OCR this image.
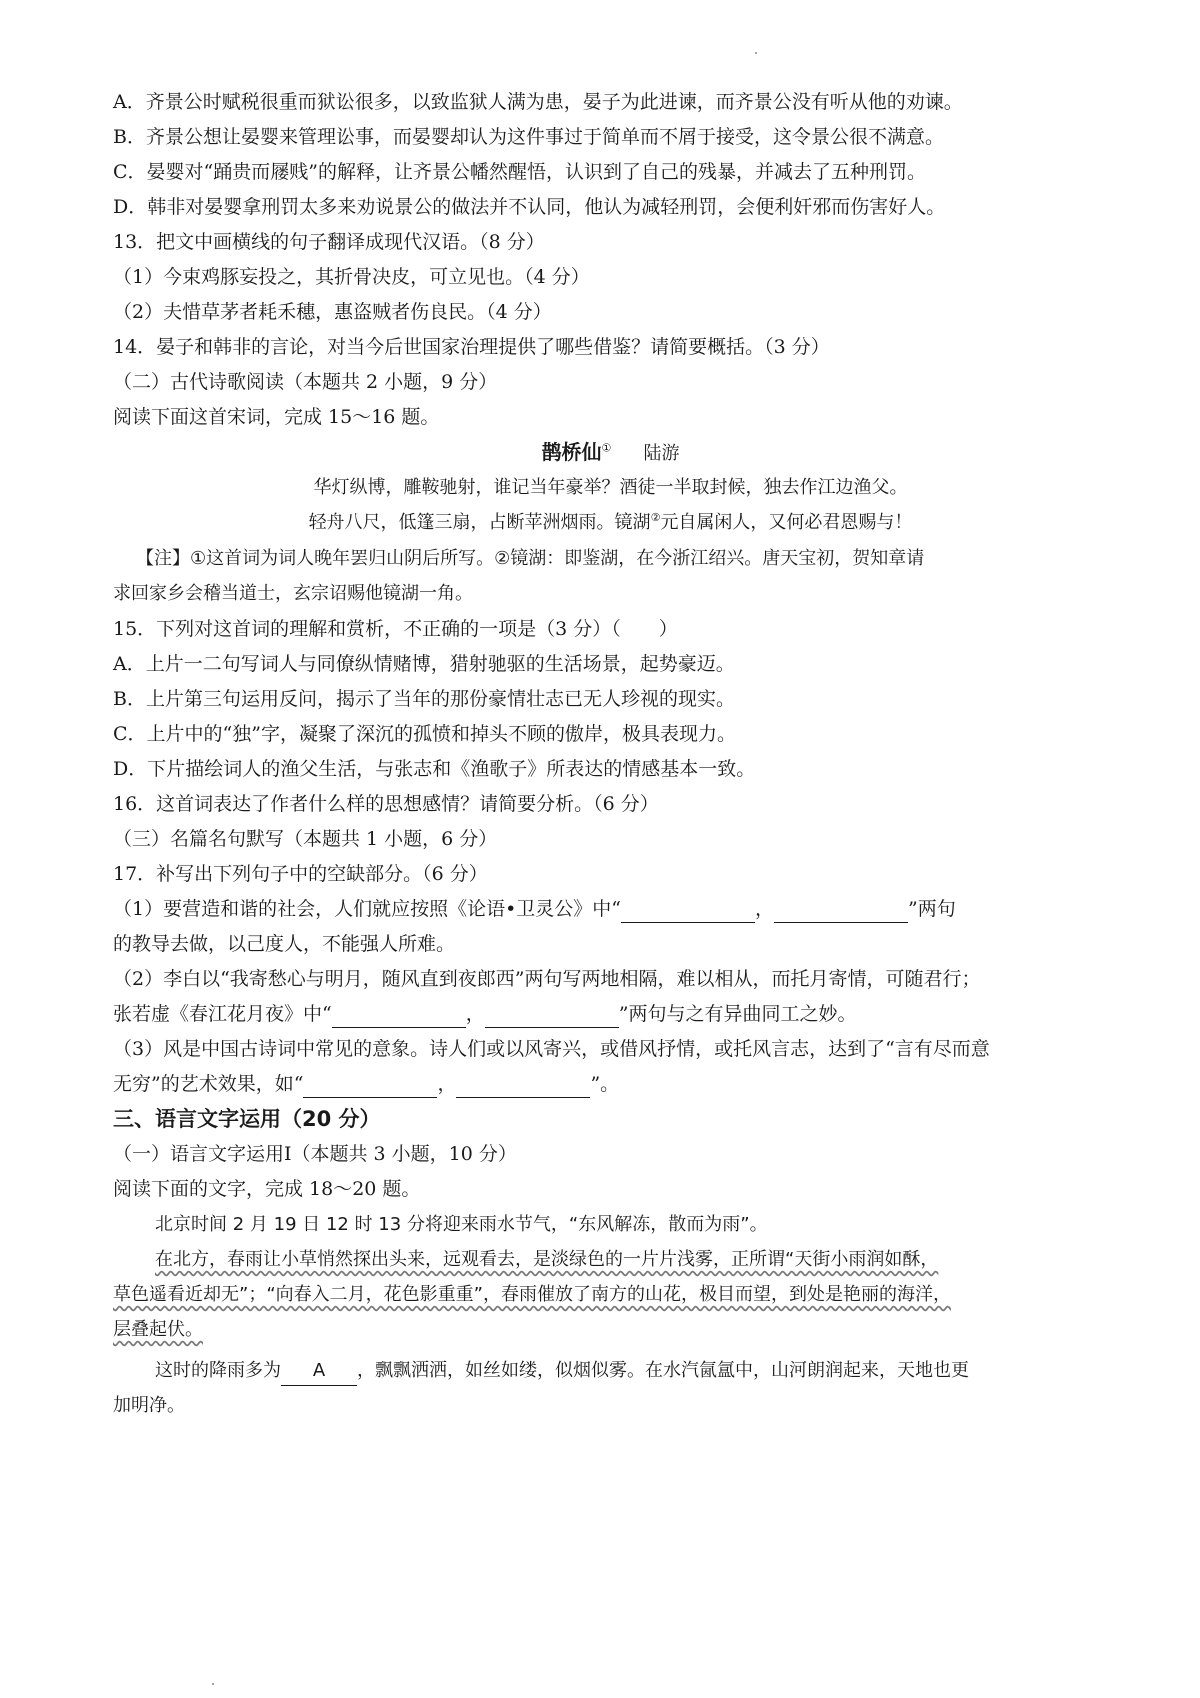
A．齐景公时赋税很重而狱讼很多，以致监狱人满为患，晏子为此进谏，而齐景公没有听从他的劝谏。
B．齐景公想让晏婴来管理讼事，而晏婴却认为这件事过于简单而不屑于接受，这令景公很不满意。
C．晏婴对“踊贵而屦贱”的解释，让齐景公幡然醒悟，认识到了自己的残暴，并减去了五种刑罚。
D．韩非对晏婴拿刑罚太多来劝说景公的做法并不认同，他认为减轻刑罚，会便利奸邪而伤害好人。
13．把文中画横线的句子翻译成现代汉语。（8 分）
（1）今束鸡豚妄投之，其折骨决皮，可立见也。（4 分）
（2）夫惜草茅者耗禾穗，惠盗贼者伤良民。（4 分）
14．晏子和韩非的言论，对当今后世国家治理提供了哪些借鉴？请简要概括。（3 分）
（二）古代诗歌阅读（本题共 2 小题，9 分）
阅读下面这首宋词，完成 15～16 题。
鹊桥仙① 陆游
华灯纵博，雕鞍驰射，谁记当年豪举？酒徒一半取封候，独去作江边渔父。
轻舟八尺，低篷三扇，占断苹洲烟雨。镜湖②元自属闲人，又何必君恩赐与！
【注】①这首词为词人晚年罢归山阴后所写。②镜湖：即鉴湖，在今浙江绍兴。唐天宝初，贺知章请
求回家乡会稽当道士，玄宗诏赐他镜湖一角。
15．下列对这首词的理解和赏析，不正确的一项是（3 分）（　　）
A．上片一二句写词人与同僚纵情赌博，猎射驰驱的生活场景，起势豪迈。
B．上片第三句运用反问，揭示了当年的那份豪情壮志已无人珍视的现实。
C．上片中的“独”字，凝聚了深沉的孤愤和掉头不顾的傲岸，极具表现力。
D．下片描绘词人的渔父生活，与张志和《渔歌子》所表达的情感基本一致。
16．这首词表达了作者什么样的思想感情？请简要分析。（6 分）
（三）名篇名句默写（本题共 1 小题，6 分）
17．补写出下列句子中的空缺部分。（6 分）
（1）要营造和谐的社会，人们就应按照《论语•卫灵公》中“	，	”两句
的教导去做，以己度人，不能强人所难。
（2）李白以“我寄愁心与明月，随风直到夜郎西”两句写两地相隔，难以相从，而托月寄情，可随君行；
张若虚《春江花月夜》中“	，	”两句与之有异曲同工之妙。
（3）风是中国古诗词中常见的意象。诗人们或以风寄兴，或借风抒情，或托风言志，达到了“言有尽而意
无穷”的艺术效果，如“	，	”。
三、语言文字运用（20 分）
（一）语言文字运用Ⅰ（本题共 3 小题，10 分）
阅读下面的文字，完成 18～20 题。
北京时间 2 月 19 日 12 时 13 分将迎来雨水节气，“东风解冻，散而为雨”。
在北方，春雨让小草悄然探出头来，远观看去，是淡绿色的一片片浅雾，正所谓“天街小雨润如酥，
草色遥看近却无”；“向春入二月，花色影重重”，春雨催放了南方的山花，极目而望，到处是艳丽的海洋，
层叠起伏。
这时的降雨多为 A ，飘飘洒洒，如丝如缕，似烟似雾。在水汽氤氲中，山河朗润起来，天地也更
加明净。
